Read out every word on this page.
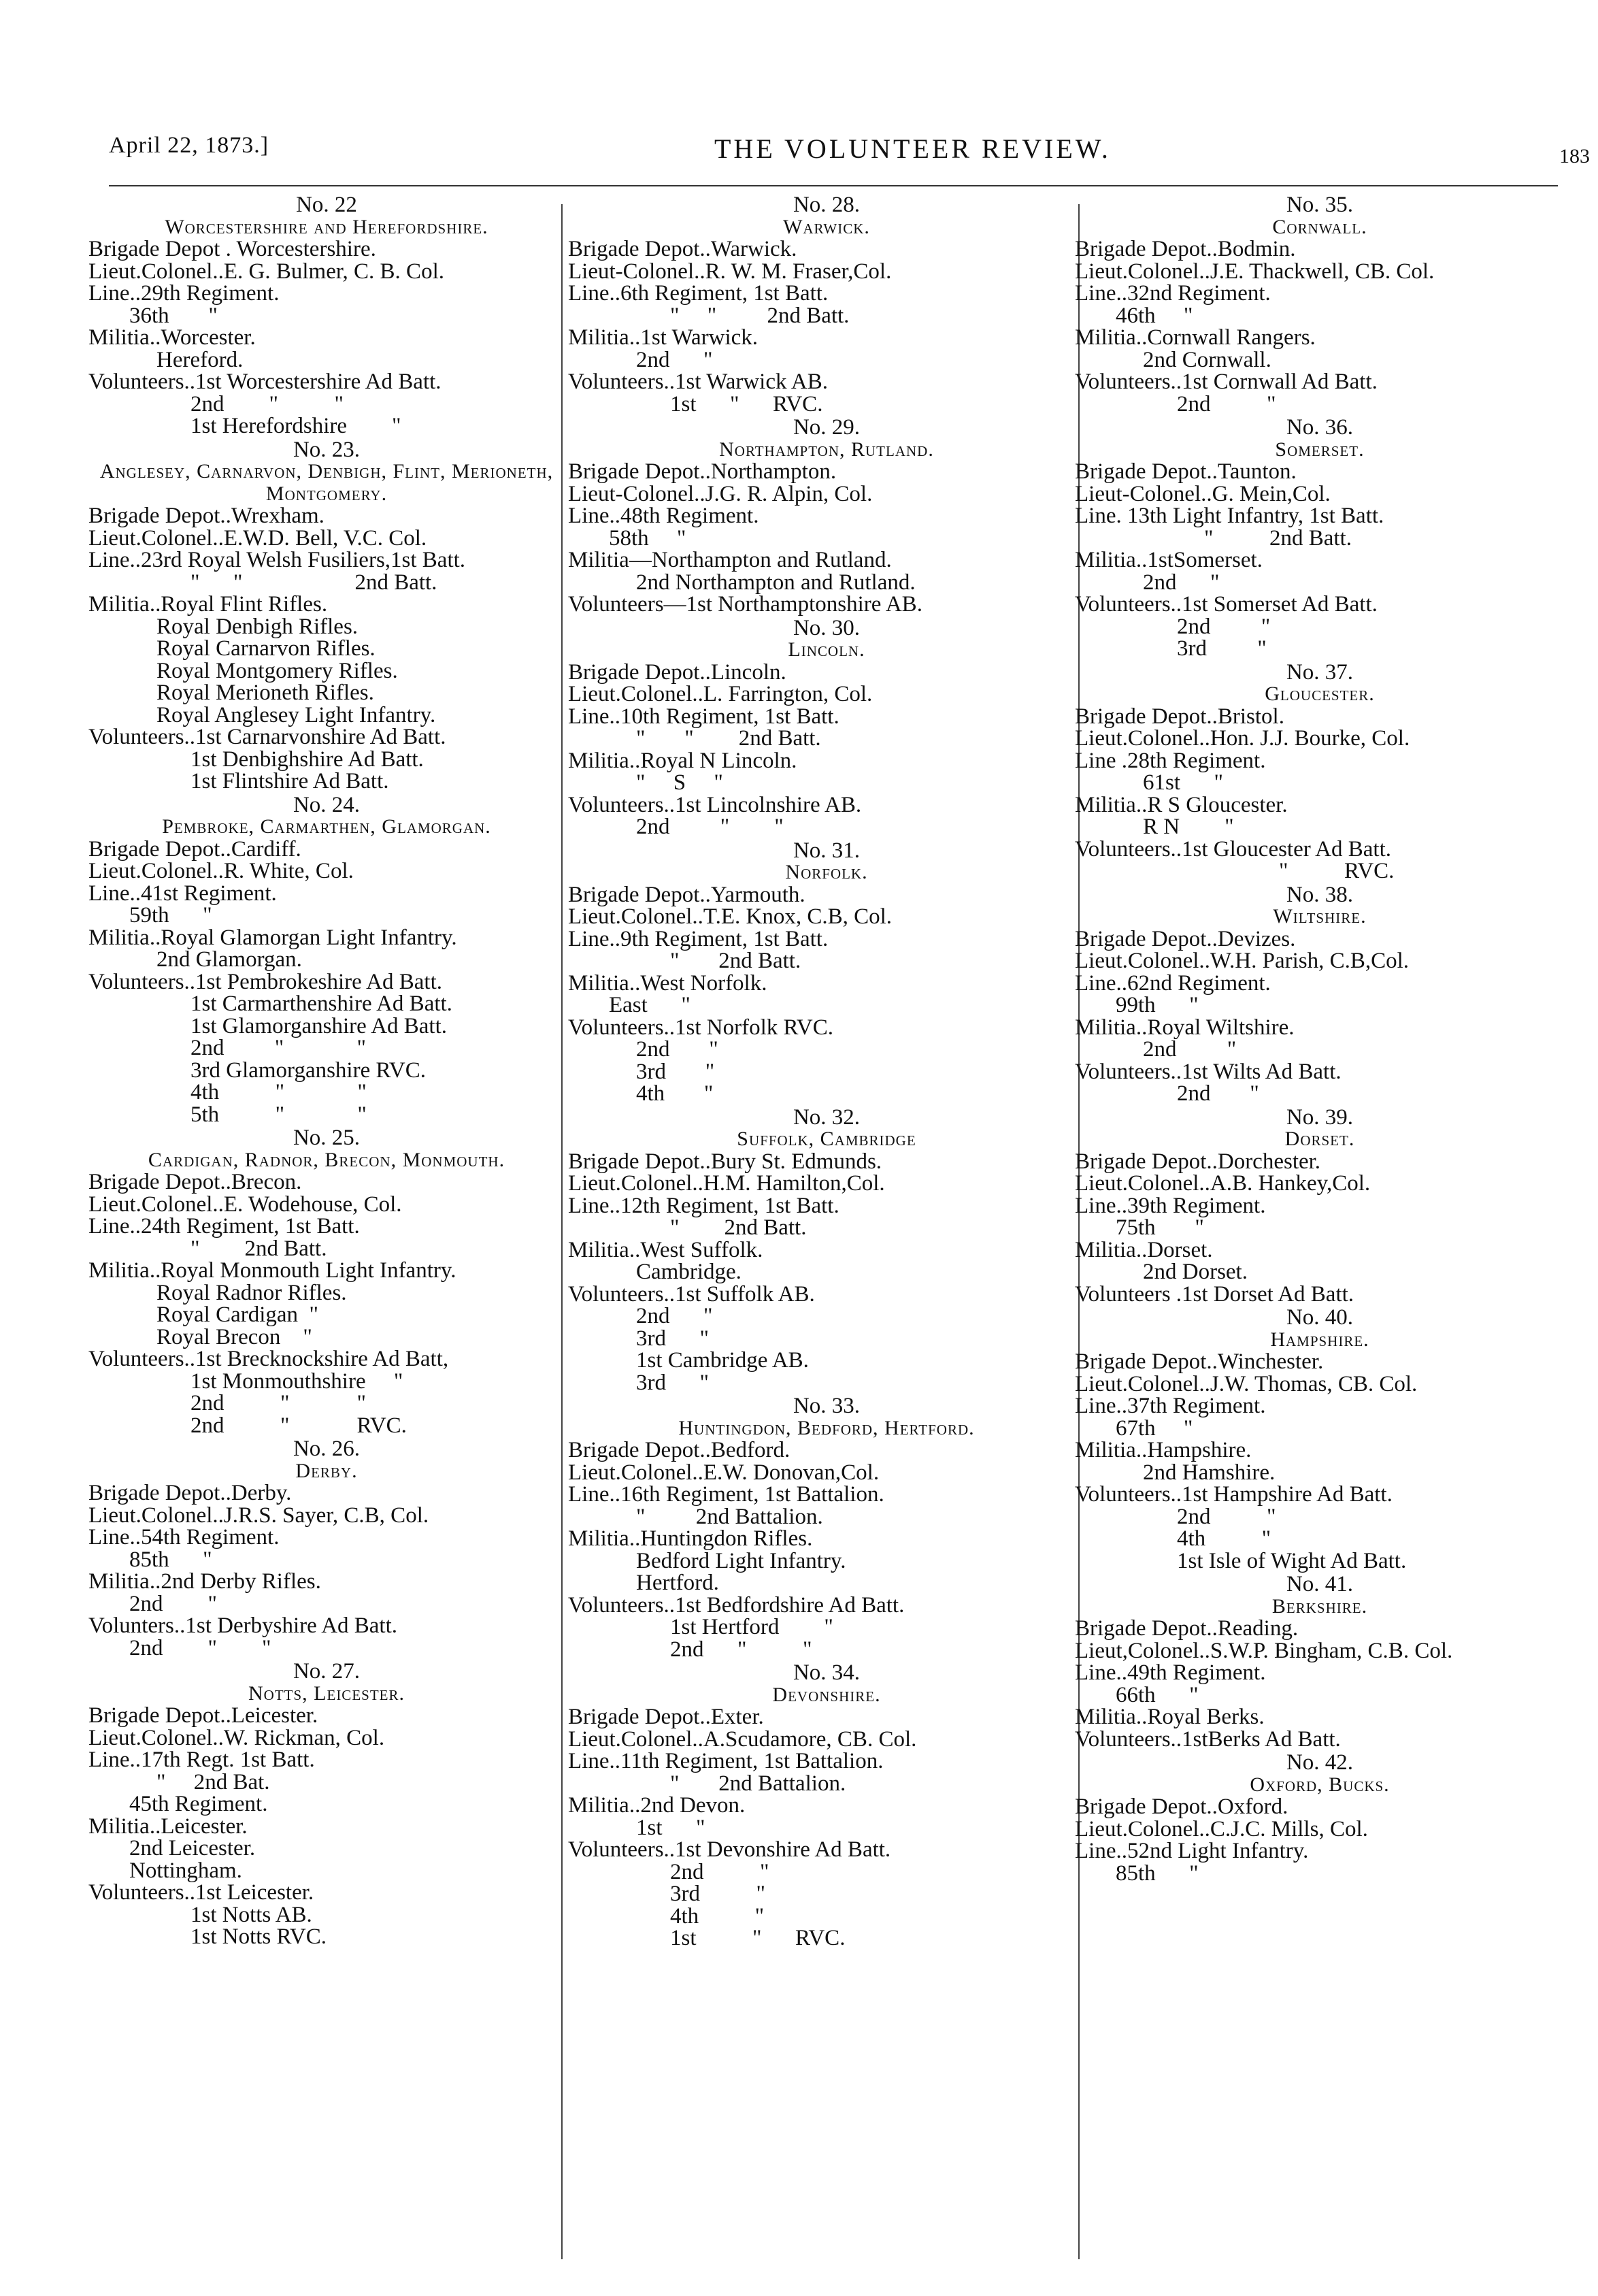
April 22, 1873.]	THE VOLUNTEER REVIEW.	183
No. 22
Worcestershire and Herefordshire.
Brigade Depot . Worcestershire.
Lieut.Colonel..E. G. Bulmer, C. B. Col.
Line..29th Regiment.
36th       "
Militia..Worcester.
Hereford.
Volunteers..1st Worcestershire Ad Batt.
2nd        "          "
1st Herefordshire        "
No. 23.
Anglesey, Carnarvon, Denbigh, Flint, Merioneth, Montgomery.
Brigade Depot..Wrexham.
Lieut.Colonel..E.W.D. Bell, V.C. Col.
Line..23rd Royal Welsh Fusiliers,1st Batt.
"      "                    2nd Batt.
Militia..Royal Flint Rifles.
Royal Denbigh Rifles.
Royal Carnarvon Rifles.
Royal Montgomery Rifles.
Royal Merioneth Rifles.
Royal Anglesey Light Infantry.
Volunteers..1st Carnarvonshire Ad Batt.
1st Denbighshire Ad Batt.
1st Flintshire Ad Batt.
No. 24.
Pembroke, Carmarthen, Glamorgan.
Brigade Depot..Cardiff.
Lieut.Colonel..R. White, Col.
Line..41st Regiment.
59th      "
Militia..Royal Glamorgan Light Infantry.
2nd Glamorgan.
Volunteers..1st Pembrokeshire Ad Batt.
1st Carmarthenshire Ad Batt.
1st Glamorganshire Ad Batt.
2nd         "             "
3rd Glamorganshire RVC.
4th          "             "
5th          "             "
No. 25.
Cardigan, Radnor, Brecon, Monmouth.
Brigade Depot..Brecon.
Lieut.Colonel..E. Wodehouse, Col.
Line..24th Regiment, 1st Batt.
"        2nd Batt.
Militia..Royal Monmouth Light Infantry.
Royal Radnor Rifles.
Royal Cardigan  "
Royal Brecon    "
Volunteers..1st Brecknockshire Ad Batt,
1st Monmouthshire     "
2nd          "            "
2nd          "            RVC.
No. 26.
Derby.
Brigade Depot..Derby.
Lieut.Colonel..J.R.S. Sayer, C.B, Col.
Line..54th Regiment.
85th      "
Militia..2nd Derby Rifles.
2nd        "
Volunters..1st Derbyshire Ad Batt.
2nd        "        "
No. 27.
Notts, Leicester.
Brigade Depot..Leicester.
Lieut.Colonel..W. Rickman, Col.
Line..17th Regt. 1st Batt.
"     2nd Bat.
45th Regiment.
Militia..Leicester.
2nd Leicester.
Nottingham.
Volunteers..1st Leicester.
1st Notts AB.
1st Notts RVC.
No. 28.
Warwick.
Brigade Depot..Warwick.
Lieut-Colonel..R. W. M. Fraser,Col.
Line..6th Regiment, 1st Batt.
"     "         2nd Batt.
Militia..1st Warwick.
2nd      "
Volunteers..1st Warwick AB.
1st      "      RVC.
No. 29.
Northampton, Rutland.
Brigade Depot..Northampton.
Lieut-Colonel..J.G. R. Alpin, Col.
Line..48th Regiment.
58th     "
Militia—Northampton and Rutland.
2nd Northampton and Rutland.
Volunteers—1st Northamptonshire AB.
No. 30.
Lincoln.
Brigade Depot..Lincoln.
Lieut.Colonel..L. Farrington, Col.
Line..10th Regiment, 1st Batt.
"       "        2nd Batt.
Militia..Royal N Lincoln.
"     S     "
Volunteers..1st Lincolnshire AB.
2nd         "        "
No. 31.
Norfolk.
Brigade Depot..Yarmouth.
Lieut.Colonel..T.E. Knox, C.B, Col.
Line..9th Regiment, 1st Batt.
"       2nd Batt.
Militia..West Norfolk.
East      "
Volunteers..1st Norfolk RVC.
2nd       "
3rd       "
4th       "
No. 32.
Suffolk, Cambridge
Brigade Depot..Bury St. Edmunds.
Lieut.Colonel..H.M. Hamilton,Col.
Line..12th Regiment, 1st Batt.
"        2nd Batt.
Militia..West Suffolk.
Cambridge.
Volunteers..1st Suffolk AB.
2nd      "
3rd      "
1st Cambridge AB.
3rd      "
No. 33.
Huntingdon, Bedford, Hertford.
Brigade Depot..Bedford.
Lieut.Colonel..E.W. Donovan,Col.
Line..16th Regiment, 1st Battalion.
"         2nd Battalion.
Militia..Huntingdon Rifles.
Bedford Light Infantry.
Hertford.
Volunteers..1st Bedfordshire Ad Batt.
1st Hertford        "
2nd      "          "
No. 34.
Devonshire.
Brigade Depot..Exter.
Lieut.Colonel..A.Scudamore, CB. Col.
Line..11th Regiment, 1st Battalion.
"       2nd Battalion.
Militia..2nd Devon.
1st      "
Volunteers..1st Devonshire Ad Batt.
2nd          "
3rd          "
4th          "
1st          "      RVC.
No. 35.
Cornwall.
Brigade Depot..Bodmin.
Lieut.Colonel..J.E. Thackwell, CB. Col.
Line..32nd Regiment.
46th     "
Militia..Cornwall Rangers.
2nd Cornwall.
Volunteers..1st Cornwall Ad Batt.
2nd          "
No. 36.
Somerset.
Brigade Depot..Taunton.
Lieut-Colonel..G. Mein,Col.
Line. 13th Light Infantry, 1st Batt.
"          2nd Batt.
Militia..1stSomerset.
2nd      "
Volunteers..1st Somerset Ad Batt.
2nd         "
3rd         "
No. 37.
Gloucester.
Brigade Depot..Bristol.
Lieut.Colonel..Hon. J.J. Bourke, Col.
Line .28th Regiment.
61st      "
Militia..R S Gloucester.
R N        "
Volunteers..1st Gloucester Ad Batt.
"          RVC.
No. 38.
Wiltshire.
Brigade Depot..Devizes.
Lieut.Colonel..W.H. Parish, C.B,Col.
Line..62nd Regiment.
99th      "
Militia..Royal Wiltshire.
2nd         "
Volunteers..1st Wilts Ad Batt.
2nd       "
No. 39.
Dorset.
Brigade Depot..Dorchester.
Lieut.Colonel..A.B. Hankey,Col.
Line..39th Regiment.
75th       "
Militia..Dorset.
2nd Dorset.
Volunteers .1st Dorset Ad Batt.
No. 40.
Hampshire.
Brigade Depot..Winchester.
Lieut.Colonel..J.W. Thomas, CB. Col.
Line..37th Regiment.
67th     "
Militia..Hampshire.
2nd Hamshire.
Volunteers..1st Hampshire Ad Batt.
2nd          "
4th          "
1st Isle of Wight Ad Batt.
No. 41.
Berkshire.
Brigade Depot..Reading.
Lieut,Colonel..S.W.P. Bingham, C.B. Col.
Line..49th Regiment.
66th      "
Militia..Royal Berks.
Volunteers..1stBerks Ad Batt.
No. 42.
Oxford, Bucks.
Brigade Depot..Oxford.
Lieut.Colonel..C.J.C. Mills, Col.
Line..52nd Light Infantry.
85th      "
